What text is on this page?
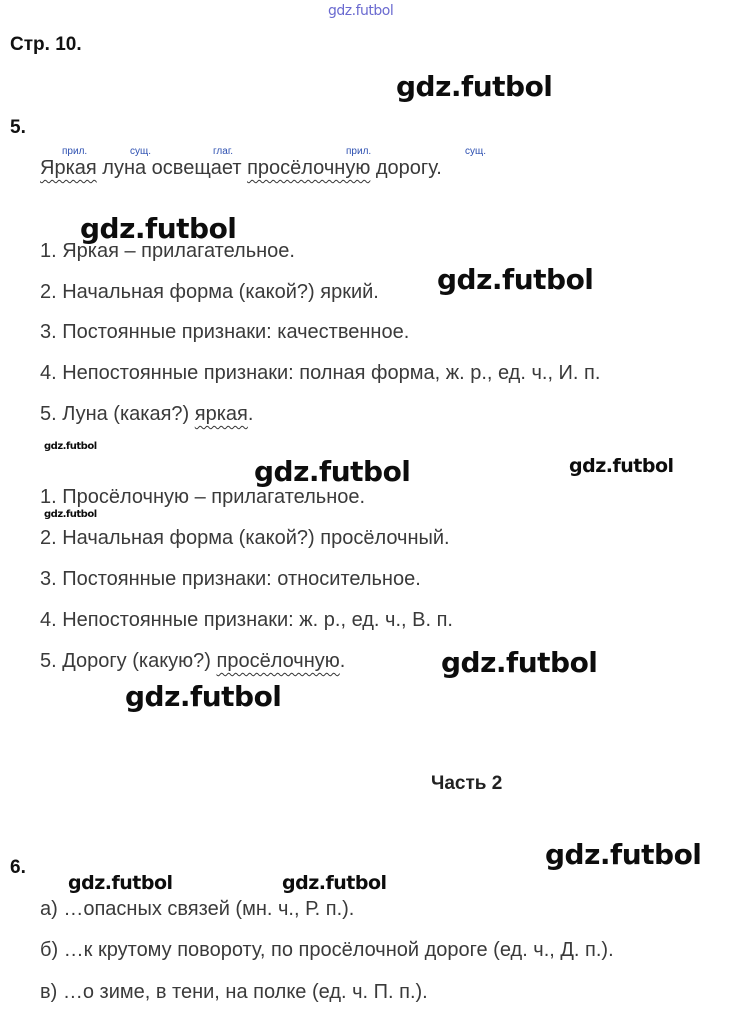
gdz.futbol
Стр. 10.
gdz.futbol
5.
прил.	сущ.	глаг.	прил.	сущ.
Яркая луна освещает просёлочную дорогу.
gdz.futbol
1. Яркая – прилагательное.
2. Начальная форма (какой?) яркий. gdz.futbol
3. Постоянные признаки: качественное.
4. Непостоянные признаки: полная форма, ж. р., ед. ч., И. п.
5. Луна (какая?) яркая.
gdz.futbol
gdz.futbol	gdz.futbol
1. Просёлочную – прилагательное.
gdz.futbol
2. Начальная форма (какой?) просёлочный.
3. Постоянные признаки: относительное.
4. Непостоянные признаки: ж. р., ед. ч., В. п.
5. Дорогу (какую?) просёлочную.	gdz.futbol
gdz.futbol
Часть 2
gdz.futbol
6.
gdz.futbol	gdz.futbol
а) …опасных связей (мн. ч., Р. п.).
б) …к крутому повороту, по просёлочной дороге (ед. ч., Д. п.).
в) …о зиме, в тени, на полке (ед. ч. П. п.).
